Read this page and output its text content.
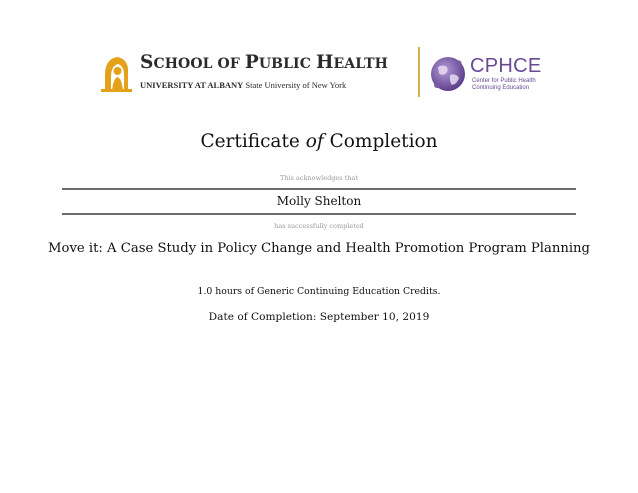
SCHOOL OF PUBLIC HEALTH
UNIVERSITY AT ALBANY State University of New York
CPHCE
Center for Public Health
Continuing Education
Certificate of Completion
This acknowledges that
Molly Shelton
has successfully completed
Move it: A Case Study in Policy Change and Health Promotion Program Planning
1.0 hours of Generic Continuing Education Credits.
Date of Completion: September 10, 2019
